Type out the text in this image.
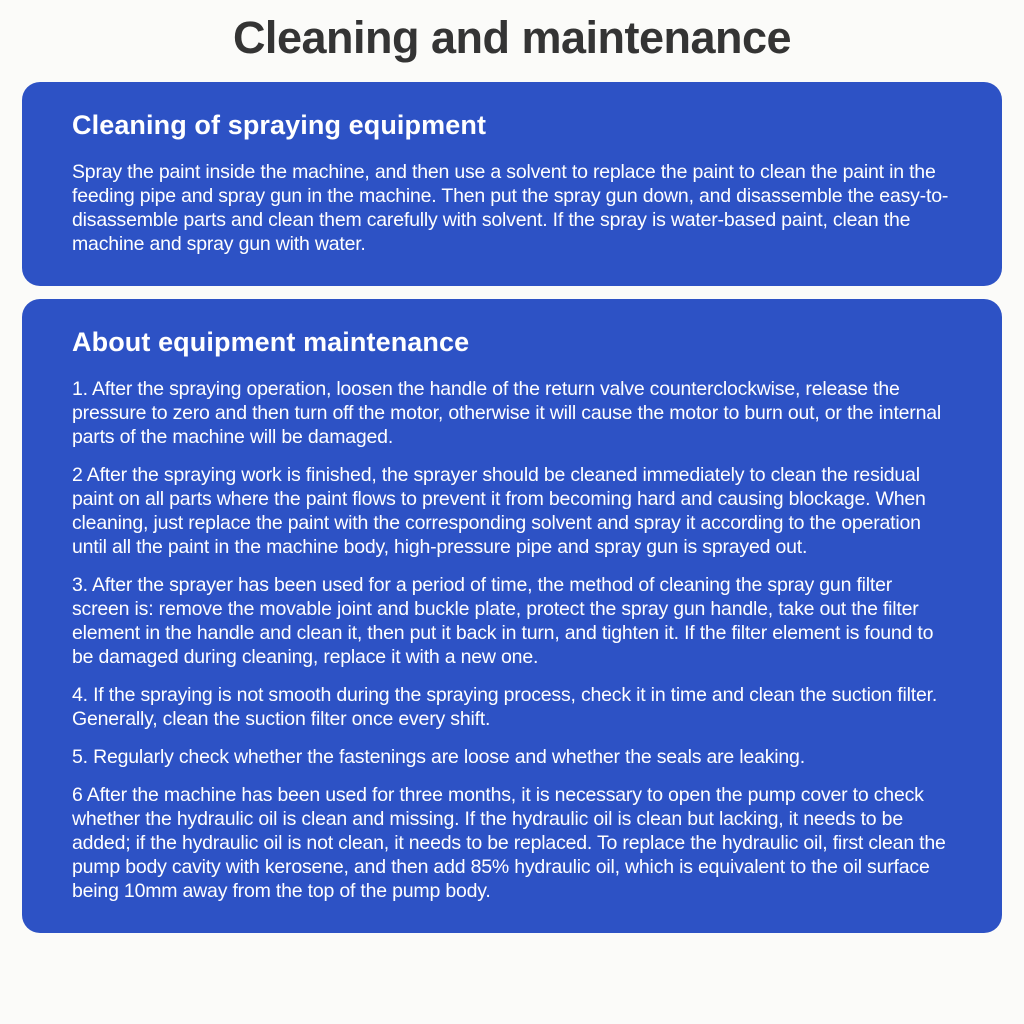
Cleaning and maintenance
Cleaning of spraying equipment

Spray the paint inside the machine, and then use a solvent to replace the paint to clean the paint in the feeding pipe and spray gun in the machine. Then put the spray gun down, and disassemble the easy-to-disassemble parts and clean them carefully with solvent. If the spray is water-based paint, clean the machine and spray gun with water.

About equipment maintenance

1. After the spraying operation, loosen the handle of the return valve counterclockwise, release the pressure to zero and then turn off the motor, otherwise it will cause the motor to burn out, or the internal parts of the machine will be damaged.

2 After the spraying work is finished, the sprayer should be cleaned immediately to clean the residual paint on all parts where the paint flows to prevent it from becoming hard and causing blockage. When cleaning, just replace the paint with the corresponding solvent and spray it according to the operation until all the paint in the machine body, high-pressure pipe and spray gun is sprayed out.

3. After the sprayer has been used for a period of time, the method of cleaning the spray gun filter screen is: remove the movable joint and buckle plate, protect the spray gun handle, take out the filter element in the handle and clean it, then put it back in turn, and tighten it. If the filter element is found to be damaged during cleaning, replace it with a new one.

4. If the spraying is not smooth during the spraying process, check it in time and clean the suction filter. Generally, clean the suction filter once every shift.

5. Regularly check whether the fastenings are loose and whether the seals are leaking.

6 After the machine has been used for three months, it is necessary to open the pump cover to check whether the hydraulic oil is clean and missing. If the hydraulic oil is clean but lacking, it needs to be added; if the hydraulic oil is not clean, it needs to be replaced. To replace the hydraulic oil, first clean the pump body cavity with kerosene, and then add 85% hydraulic oil, which is equivalent to the oil surface being 10mm away from the top of the pump body.
